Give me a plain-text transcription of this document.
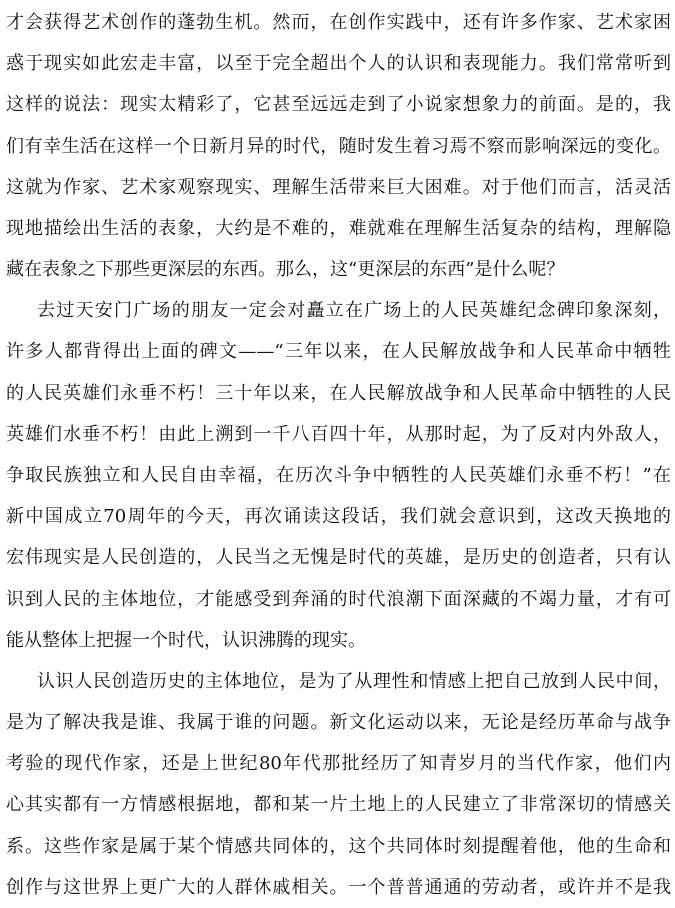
才会获得艺术创作的蓬勃生机。然而，在创作实践中，还有许多作家、艺术家困
惑于现实如此宏走丰富，以至于完全超出个人的认识和表现能力。我们常常听到
这样的说法：现实太精彩了，它甚至远远走到了小说家想象力的前面。是的，我
们有幸生活在这样一个日新月异的时代，随时发生着习焉不察而影响深远的变化。
这就为作家、艺术家观察现实、理解生活带来巨大困难。对于他们而言，活灵活
现地描绘出生活的表象，大约是不难的，难就难在理解生活复杂的结构，理解隐
藏在表象之下那些更深层的东西。那么，这“更深层的东西”是什么呢？
去过天安门广场的朋友一定会对矗立在广场上的人民英雄纪念碑印象深刻，
许多人都背得出上面的碑文——“三年以来，在人民解放战争和人民革命中牺牲
的人民英雄们永垂不朽！三十年以来，在人民解放战争和人民革命中牺牲的人民
英雄们水垂不朽！由此上溯到一千八百四十年，从那时起，为了反对内外敌人，
争取民族独立和人民自由幸福，在历次斗争中牺牲的人民英雄们永垂不朽！”在
新中国成立70周年的今天，再次诵读这段话，我们就会意识到，这改天换地的
宏伟现实是人民创造的，人民当之无愧是时代的英雄，是历史的创造者，只有认
识到人民的主体地位，才能感受到奔涌的时代浪潮下面深藏的不竭力量，才有可
能从整体上把握一个时代，认识沸腾的现实。
认识人民创造历史的主体地位，是为了从理性和情感上把自己放到人民中间，
是为了解决我是谁、我属于谁的问题。新文化运动以来，无论是经历革命与战争
考验的现代作家，还是上世纪80年代那批经历了知青岁月的当代作家，他们内
心其实都有一方情感根据地，都和某一片土地上的人民建立了非常深切的情感关
系。这些作家是属于某个情感共同体的，这个共同体时刻提醒着他，他的生命和
创作与这世界上更广大的人群休戚相关。一个普普通通的劳动者，或许并不是我
